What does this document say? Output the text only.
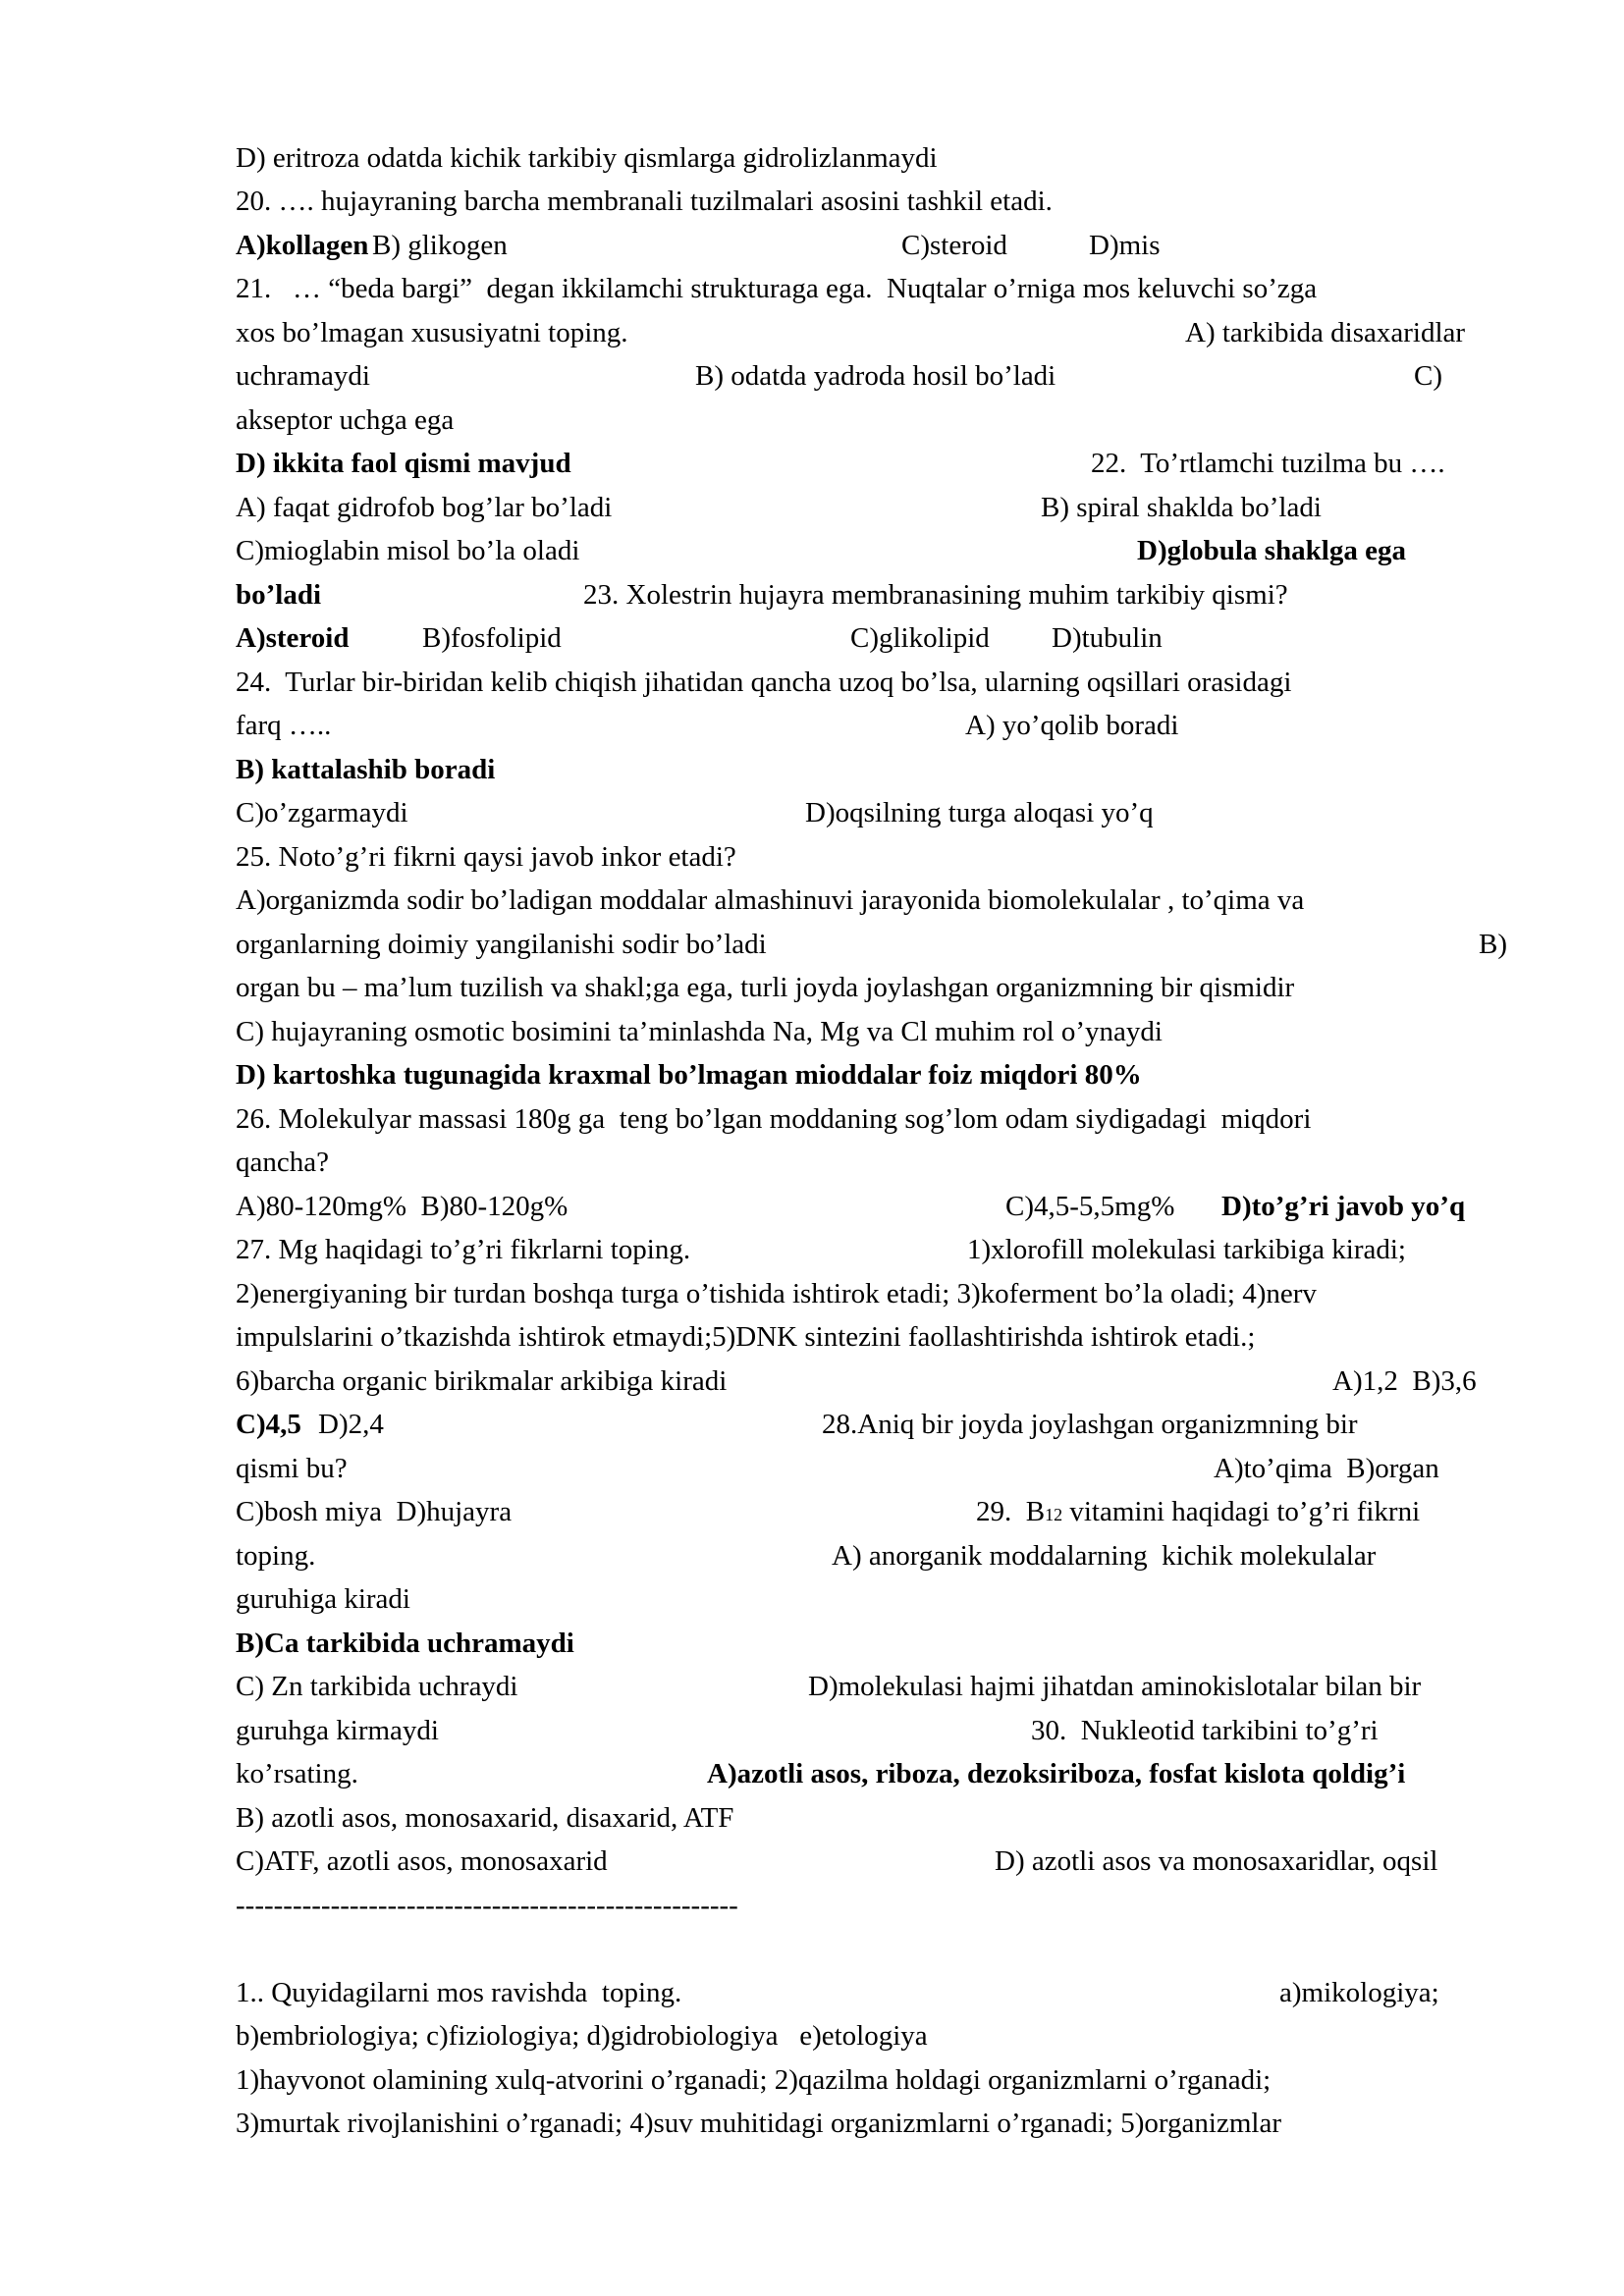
D) eritroza odatda kichik tarkibiy qismlarga gidrolizlanmaydi
20. …. hujayraning barcha membranali tuzilmalari asosini tashkil etadi.
A)kollagen B) glikogen	C)steroid	D)mis
21.   … “beda bargi”  degan ikkilamchi strukturaga ega.  Nuqtalar o’rniga mos keluvchi so’zga
xos bo’lmagan xususiyatni toping.	A) tarkibida disaxaridlar
uchramaydi	B) odatda yadroda hosil bo’ladi	C)
akseptor uchga ega
D) ikkita faol qismi mavjud	22.  To’rtlamchi tuzilma bu ….
A) faqat gidrofob bog’lar bo’ladi	B) spiral shaklda bo’ladi
C)mioglabin misol bo’la oladi	D)globula shaklga ega
bo’ladi	23. Xolestrin hujayra membranasining muhim tarkibiy qismi?
A)steroid	B)fosfolipid	C)glikolipid D)tubulin
24.  Turlar bir-biridan kelib chiqish jihatidan qancha uzoq bo’lsa, ularning oqsillari orasidagi
farq …..	A) yo’qolib boradi
B) kattalashib boradi
C)o’zgarmaydi	D)oqsilning turga aloqasi yo’q
25. Noto’g’ri fikrni qaysi javob inkor etadi?
A)organizmda sodir bo’ladigan moddalar almashinuvi jarayonida biomolekulalar , to’qima va
organlarning doimiy yangilanishi sodir bo’ladi	B)
organ bu – ma’lum tuzilish va shakl;ga ega, turli joyda joylashgan organizmning bir qismidir
C) hujayraning osmotic bosimini ta’minlashda Na, Mg va Cl muhim rol o’ynaydi
D) kartoshka tugunagida kraxmal bo’lmagan mioddalar foiz miqdori 80%
26. Molekulyar massasi 180g ga  teng bo’lgan moddaning sog’lom odam siydigadagi  miqdori
qancha?
A)80-120mg%  B)80-120g%	C)4,5-5,5mg% D)to’g’ri javob yo’q
27. Mg haqidagi to’g’ri fikrlarni toping.	1)xlorofill molekulasi tarkibiga kiradi;
2)energiyaning bir turdan boshqa turga o’tishida ishtirok etadi; 3)koferment bo’la oladi; 4)nerv
impulslarini o’tkazishda ishtirok etmaydi;5)DNK sintezini faollashtirishda ishtirok etadi.;
6)barcha organic birikmalar arkibiga kiradi	A)1,2  B)3,6
C)4,5 D)2,4	28.Aniq bir joyda joylashgan organizmning bir
qismi bu?	A)to’qima  B)organ
C)bosh miya  D)hujayra	29.  B12 vitamini haqidagi to’g’ri fikrni
toping.	A) anorganik moddalarning  kichik molekulalar
guruhiga kiradi
B)Ca tarkibida uchramaydi
C) Zn tarkibida uchraydi	D)molekulasi hajmi jihatdan aminokislotalar bilan bir
guruhga kirmaydi	30.  Nukleotid tarkibini to’g’ri
ko’rsating.	A)azotli asos, riboza, dezoksiriboza, fosfat kislota qoldig’i
B) azotli asos, monosaxarid, disaxarid, ATF
C)ATF, azotli asos, monosaxarid	D) azotli asos va monosaxaridlar, oqsil
-----------------------------------------------------
1.. Quyidagilarni mos ravishda  toping.	a)mikologiya;
b)embriologiya; c)fiziologiya; d)gidrobiologiya   e)etologiya
1)hayvonot olamining xulq-atvorini o’rganadi; 2)qazilma holdagi organizmlarni o’rganadi;
3)murtak rivojlanishini o’rganadi; 4)suv muhitidagi organizmlarni o’rganadi; 5)organizmlar
